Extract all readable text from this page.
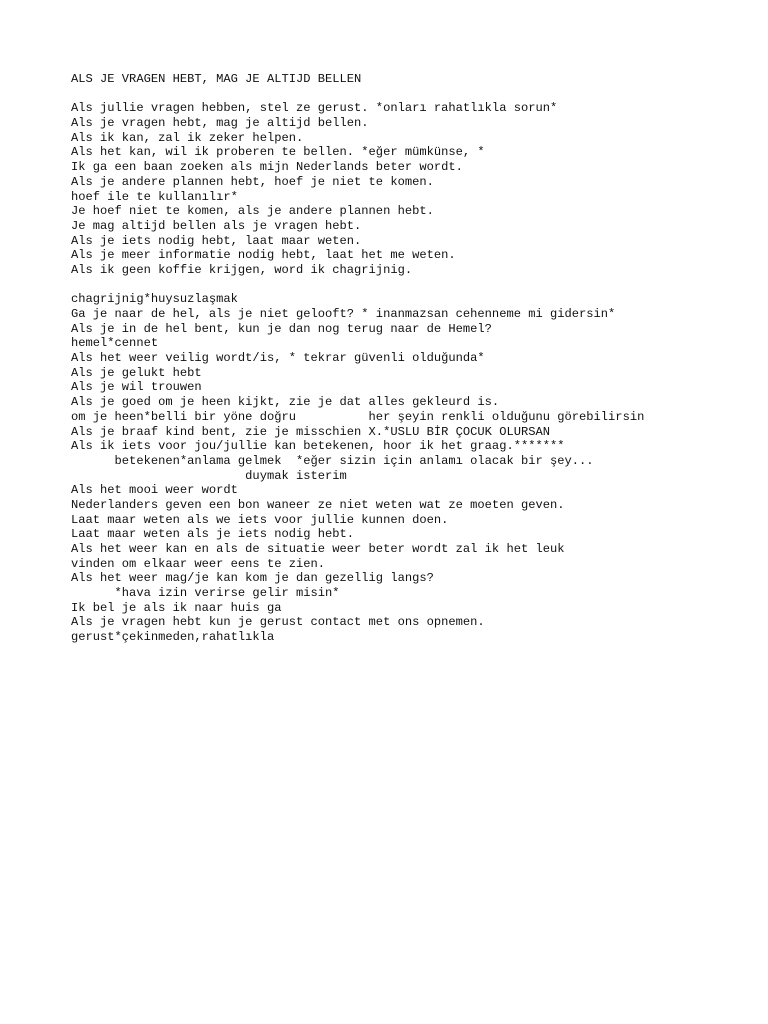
ALS JE VRAGEN HEBT, MAG JE ALTIJD BELLEN
Als jullie vragen hebben, stel ze gerust. *onları rahatlıkla sorun*
Als je vragen hebt, mag je altijd bellen.
Als ik kan, zal ik zeker helpen.
Als het kan, wil ik proberen te bellen. *eğer mümkünse, *
Ik ga een baan zoeken als mijn Nederlands beter wordt.
Als je andere plannen hebt, hoef je niet te komen.
hoef ile te kullanılır*
Je hoef niet te komen, als je andere plannen hebt.
Je mag altijd bellen als je vragen hebt.
Als je iets nodig hebt, laat maar weten.
Als je meer informatie nodig hebt, laat het me weten.
Als ik geen koffie krijgen, word ik chagrijnig.
chagrijnig*huysuzlaşmak
Ga je naar de hel, als je niet gelooft? * inanmazsan cehenneme mi gidersin*
Als je in de hel bent, kun je dan nog terug naar de Hemel?
hemel*cennet
Als het weer veilig wordt/is, * tekrar güvenli olduğunda*
Als je gelukt hebt
Als je wil trouwen
Als je goed om je heen kijkt, zie je dat alles gekleurd is.
om je heen*belli bir yöne doğru          her şeyin renkli olduğunu görebilirsin
Als je braaf kind bent, zie je misschien X.*USLU BİR ÇOCUK OLURSAN
Als ik iets voor jou/jullie kan betekenen, hoor ik het graag.*******
betekenen*anlama gelmek  *eğer sizin için anlamı olacak bir şey...
duymak isterim
Als het mooi weer wordt
Nederlanders geven een bon waneer ze niet weten wat ze moeten geven.
Laat maar weten als we iets voor jullie kunnen doen.
Laat maar weten als je iets nodig hebt.
Als het weer kan en als de situatie weer beter wordt zal ik het leuk
vinden om elkaar weer eens te zien.
Als het weer mag/je kan kom je dan gezellig langs?
*hava izin verirse gelir misin*
Ik bel je als ik naar huis ga
Als je vragen hebt kun je gerust contact met ons opnemen.
gerust*çekinmeden,rahatlıkla
